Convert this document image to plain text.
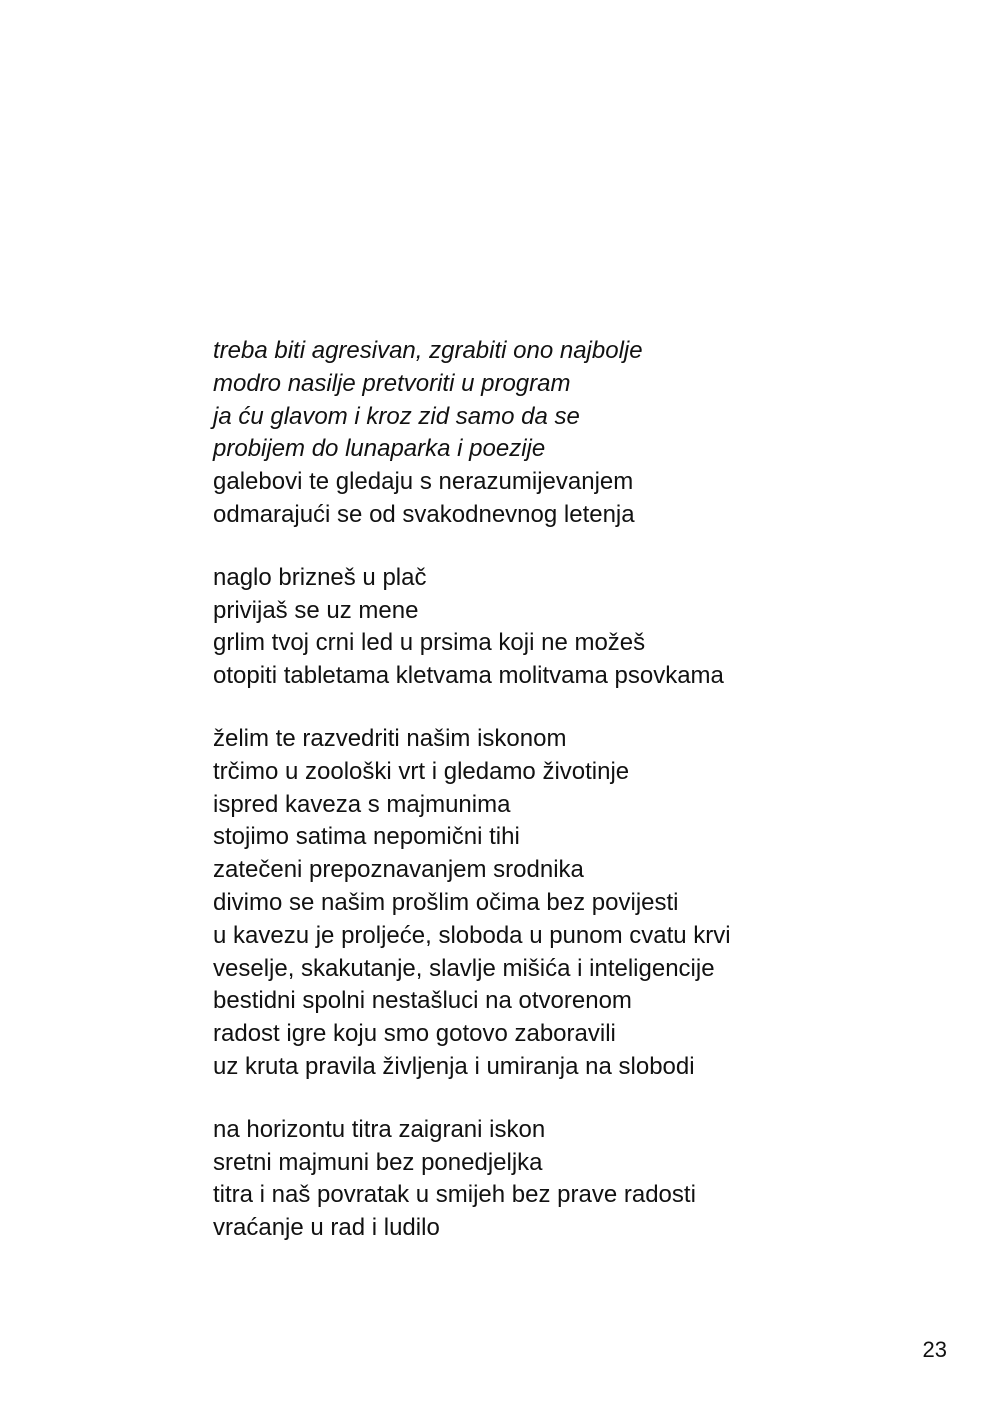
treba biti agresivan, zgrabiti ono najbolje
modro nasilje pretvoriti u program
ja ću glavom i kroz zid samo da se
probijem do lunaparka i poezije
galebovi te gledaju s nerazumijevanjem
odmarajući se od svakodnevnog letenja
naglo brizneš u plač
privijaš se uz mene
grlim tvoj crni led u prsima koji ne možeš
otopiti tabletama kletvama molitvama psovkama
želim te razvedriti našim iskonom
trčimo u zoološki vrt i gledamo životinje
ispred kaveza s majmunima
stojimo satima nepomični tihi
zatečeni prepoznavanjem srodnika
divimo se našim prošlim očima bez povijesti
u kavezu je proljeće, sloboda u punom cvatu krvi
veselje, skakutanje, slavlje mišića i inteligencije
bestidni spolni nestašluci na otvorenom
radost igre koju smo gotovo zaboravili
uz kruta pravila življenja i umiranja na slobodi
na horizontu titra zaigrani iskon
sretni majmuni bez ponedjeljka
titra i naš povratak u smijeh bez prave radosti
vraćanje u rad i ludilo
23
